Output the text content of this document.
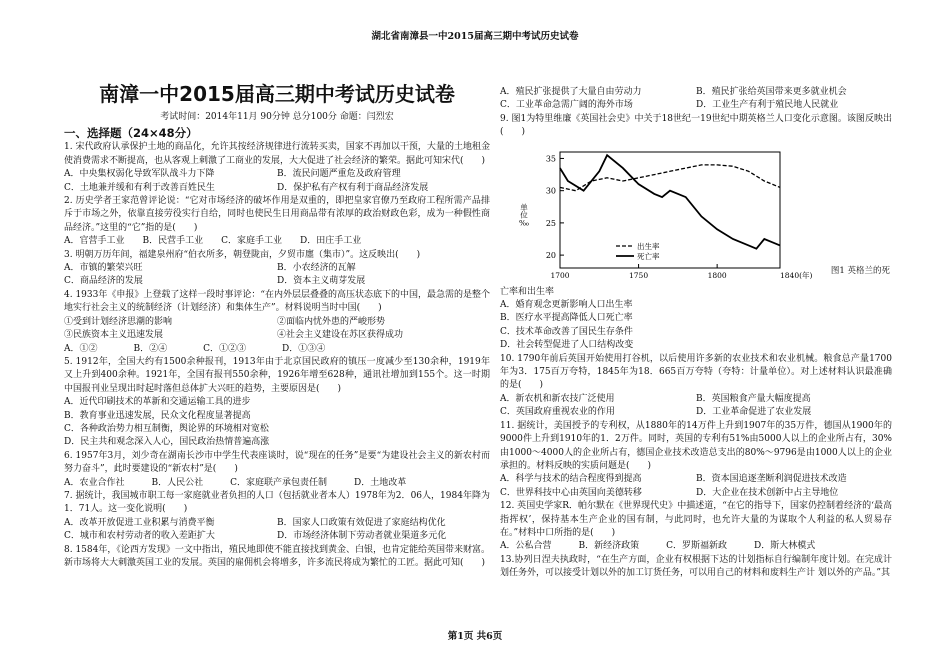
湖北省南漳县一中2015届高三期中考试历史试卷
南漳一中2015届高三期中考试历史试卷
考试时间：2014年11月 90分钟 总分100分 命题：闫烈宏
一、选择题（24×48分）

1. 宋代政府认承保护土地的商品化，允许其按经济规律进行流转买卖，国家不再加以干预，大量的土地租金使消费需求不断提高，也从客观上刺激了工商业的发展，大大促进了社会经济的繁荣。据此可知宋代(　　)

A．中央集权弱化导致军队战斗力下降	B．流民问题严重危及政府管理
C．土地兼并缓和有利于改善百姓民生	D．保护私有产权有利于商品经济发展

2. 历史学者王家范曾评论说：“它对市场经济的破坏作用是双重的，即把皇家官僚乃至政府工程所需产品排斥于市场之外，依靠直接劳役实行自给，同时也使民生日用商品带有浓厚的政治财政色彩，成为一种假性商品经济。”这里的“它”指的是(　　)

A．官营手工业　　B．民营手工业　　C．家庭手工业　　D．田庄手工业

3. 明朝万历年间，福建泉州府“伯衣所多，朝登陇亩，夕贸市廛（集市）”。这反映出(　　)

A．市镇的繁荣兴旺	B．小农经济的瓦解
C．商品经济的发展	D．资本主义萌芽发展

4. 1933年《申报》上登载了这样一段时事评论：“在内外层层叠叠的高压状态底下的中国，最急需的是整个地实行社会主义的统制经济（计划经济）和集体生产”。材料说明当时中国(　　)

①受到计划经济思潮的影响	②面临内忧外患的严峻形势
③民族资本主义迅速发展	④社会主义建设在苏区获得成功

A．①②　　　　B．②④　　　　C．①②③　　　　D．①③④

5. 1912年，全国大约有1500余种报刊，1913年由于北京国民政府的镇压一度减少至130余种，1919年又上升到400余种。1921年，全国有报刊550余种，1926年增至628种，通讯社增加到155个。这一时期中国报刊业呈现出时起时落但总体扩大兴旺的趋势，主要原因是(　　)

A．近代印刷技术的革新和交通运输工具的进步

B．教育事业迅速发展，民众文化程度显著提高

C．各种政治势力相互制衡，舆论界的环境相对宽松

D．民主共和观念深入人心，国民政治热情普遍高涨

6. 1957年3月，刘少奇在湖南长沙市中学生代表座谈时，说“现在的任务”是要“为建设社会主义的新农村而努力奋斗”，此时要建设的“新农村”是(　　)

A．农业合作社　　　B．人民公社　　　C．家庭联产承包责任制　　　D．土地改革

7. 据统计，我国城市职工每一家庭就业者负担的人口（包括就业者本人）1978年为2．06人，1984年降为1．71人。这一变化说明(　　)

A．改革开放促进工业积累与消费平衡	B．国家人口政策有效促进了家庭结构优化
C．城市和农村劳动者的收入差距扩大	D．市场经济体制下劳动者就业渠道多元化

8. 1584年，《论西方发现》一文中指出，殖民地即使不能直接找到黄金、白银，也肯定能给英国带来财富。新市场将大大刺激英国工业的发展。英国的雇佣机会将增多，许多流民将成为繁忙的工匠。据此可知(　　)

A．殖民扩张提供了大量自由劳动力	B．殖民扩张给英国带来更多就业机会
C．工业革命急需广阔的海外市场	D．工业生产有利于殖民地人民就业

9. 图1为特里维廉《英国社会史》中关于18世纪一19世纪中期英格兰人口变化示意图。该图反映出(　　)

35
30
25
20
单位‰
1700	1750	1800	1840(年)
出生率
死亡率
图1 英格兰的死

亡率和出生率

A．婚育观念更新影响人口出生率

B．医疗水平提高降低人口死亡率

C．技术革命改善了国民生存条件

D．社会转型促进了人口结构改变

10. 1790年前后英国开始使用打谷机，以后使用许多新的农业技术和农业机械。粮食总产量1700年为3．175百万夸特，1845年为18．665百万夸特（夸特：计量单位）。对上述材料认识最准确的是(　　)

A．新农机和新农技广泛使用	B．英国粮食产量大幅度提高
C．英国政府重视农业的作用	D．工业革命促进了农业发展

11. 据统计，美国授予的专利权，从1880年的14万件上升到1907年的35万件，德国从1900年的9000件上升到1910年的1．2万件。同时，英国的专利有51%由5000人以上的企业所占有，30%由1000～4000人的企业所占有，德国企业技术改造总支出的80%～9796是由1000人以上的企业承担的。材料反映的实质问题是(　　)

A．科学与技术的结合程度得到提高	B．资本国追逐垄断利润促进技术改造
C．世界科技中心由英国向美德转移	D．大企业在技术创新中占主导地位

12. 英国史学家R．帕尔默在《世界现代史》中描述道，“在它的指导下，国家仍控制着经济的‘最高指挥权’，保持基本生产企业的国有制，与此同时，也允许大量的为谋取个人利益的私人贸易存在。”材料中口所指的是(　　)

A．公私合营　　　B．新经济政策　　　C．罗斯福新政　　　D．斯大林模式

13.协列日涅夫执政时，“在生产方面，企业有权根据下达的计划指标自行编制年度计划。在完成计划任务外，可以接受计划以外的加工订货任务，可以用自己的材料和废料生产计 划以外的产品。”其

第1页 共6页
